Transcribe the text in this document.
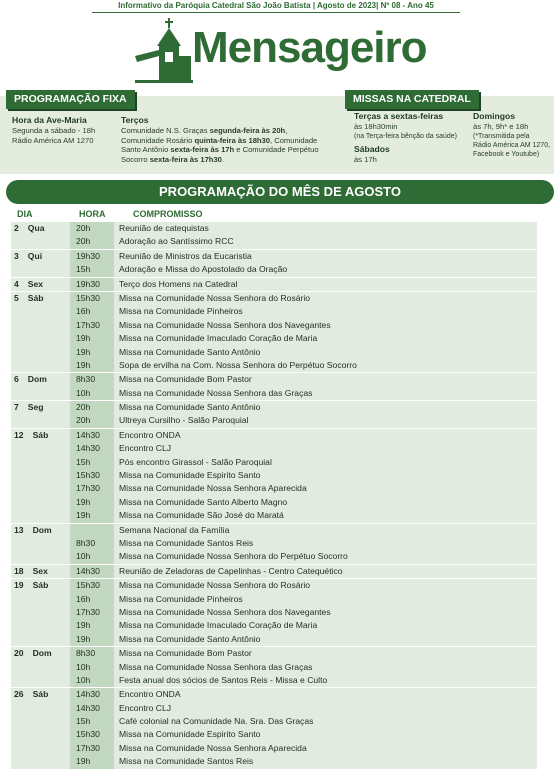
Informativo da Paróquia Catedral São João Batista | Agosto de 2023| Nº 08 - Ano 45
Mensageiro
PROGRAMAÇÃO FIXA	MISSAS NA CATEDRAL
Hora da Ave-Maria
Segunda a sábado - 18h
Rádio América AM 1270
Terços
Comunidade N.S. Graças segunda-feira às 20h,
Comunidade Rosário quinta-feira às 18h30, Comunidade
Santo Antônio sexta-feira às 17h e Comunidade Perpétuo
Socorro sexta-feira às 17h30.
Terças a sextas-feiras
às 18h30min
(na Terça-feira bênção da saúde)
Sábados
às 17h
Domingos
às 7h, 9h* e 18h
(*Transmitida pela
Rádio América AM 1270,
Facebook e Youtube)
PROGRAMAÇÃO DO MÊS DE AGOSTO
DIA	HORA	COMPROMISSO
2 Qua	20h	Reunião de catequistas
20h	Adoração ao Santíssimo RCC
3 Qui	19h30 Reunião de Ministros da Eucaristia
15h	Adoração e Missa do Apostolado da Oração
4 Sex	19h30 Terço dos Homens na Catedral
5 Sáb	15h30 Missa na Comunidade Nossa Senhora do Rosário
16h	Missa na Comunidade Pinheiros
17h30 Missa na Comunidade Nossa Senhora dos Navegantes
19h	Missa na Comunidade Imaculado Coração de Maria
19h	Missa na Comunidade Santo Antônio
19h	Sopa de ervilha na Com. Nossa Senhora do Perpétuo Socorro
6 Dom	8h30	Missa na Comunidade Bom Pastor
10h	Missa na Comunidade Nossa Senhora das Graças
7 Seg	20h	Missa na Comunidade Santo Antônio
20h	Ultreya Cursilho - Salão Paroquial
12 Sáb	14h30 Encontro ONDA
14h30 Encontro CLJ
15h	Pós encontro Girassol - Salão Paroquial
15h30 Missa na Comunidade Espirito Santo
17h30 Missa na Comunidade Nossa Senhora Aparecida
19h	Missa na Comunidade Santo Alberto Magno
19h	Missa na Comunidade São José do Maratá
13 Dom	Semana Nacional da Família
8h30	Missa na Comunidade Santos Reis
10h	Missa na Comunidade Nossa Senhora do Perpétuo Socorro
18 Sex	14h30 Reunião de Zeladoras de Capelinhas - Centro Catequético
19 Sáb	15h30 Missa na Comunidade Nossa Senhora do Rosário
16h	Missa na Comunidade Pinheiros
17h30 Missa na Comunidade Nossa Senhora dos Navegantes
19h	Missa na Comunidade Imaculado Coração de Maria
19h	Missa na Comunidade Santo Antônio
20 Dom	8h30	Missa na Comunidade Bom Pastor
10h	Missa na Comunidade Nossa Senhora das Graças
10h	Festa anual dos sócios de Santos Reis - Missa e Culto
26 Sáb	14h30 Encontro ONDA
14h30 Encontro CLJ
15h	Café colonial na Comunidade Na. Sra. Das Graças
15h30 Missa na Comunidade Espirito Santo
17h30 Missa na Comunidade Nossa Senhora Aparecida
19h	Missa na Comunidade Santos Reis
